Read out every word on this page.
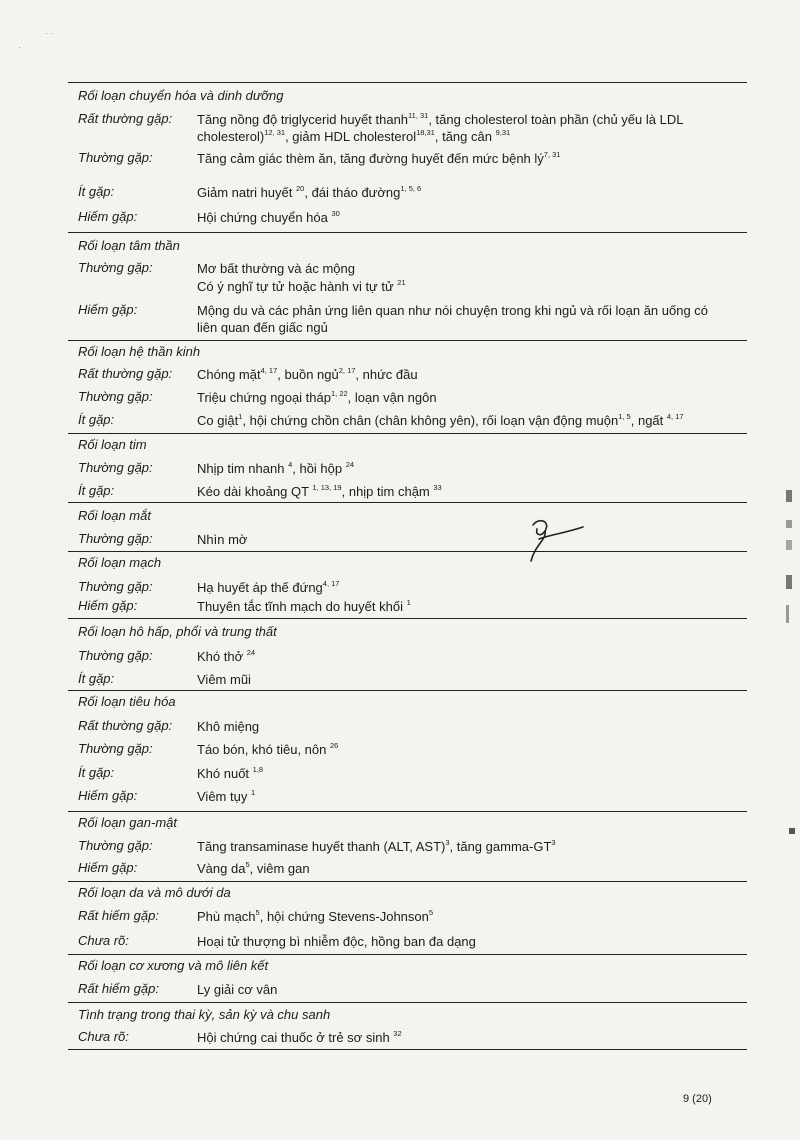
Rối loạn chuyển hóa và dinh dưỡng
Rất thường gặp: Tăng nồng độ triglycerid huyết thanh$^{11, 31}$, tăng cholesterol toàn phần (chủ yếu là LDL
cholesterol)$^{12, 31}$, giảm HDL cholesterol$^{18,31}$, tăng cân $^{9,31}$
Thường gặp:	Tăng cảm giác thèm ăn, tăng đường huyết đến mức bệnh lý$^{7, 31}$
Ít gặp:	Giảm natri huyết $^{20}$, đái tháo đường$^{1, 5, 6}$
Hiếm gặp:	Hội chứng chuyển hóa $^{30}$
Rối loạn tâm thần
Thường gặp:	Mơ bất thường và ác mộng
Có ý nghĩ tự tử hoặc hành vi tự tử $^{21}$
Hiếm gặp:	Mộng du và các phản ứng liên quan như nói chuyện trong khi ngủ và rối loạn ăn uống có
liên quan đến giấc ngủ
Rối loạn hệ thần kinh
Rất thường gặp: Chóng mặt$^{4, 17}$, buồn ngủ$^{2, 17}$, nhức đầu
Thường gặp:	Triệu chứng ngoại tháp$^{1, 22}$, loạn vận ngôn
Ít gặp:	Co giật$^1$, hội chứng chồn chân (chân không yên), rối loạn vận động muộn$^{1, 5}$, ngất $^{4, 17}$
Rối loạn tim
Thường gặp:	Nhịp tim nhanh $^4$, hồi hộp $^{24}$
Ít gặp:	Kéo dài khoảng QT $^{1, 13, 19}$, nhịp tim chậm $^{33}$
Rối loạn mắt
Thường gặp:	Nhìn mờ
Rối loạn mạch
Thường gặp:	Hạ huyết áp thế đứng$^{4, 17}$
Hiếm gặp:	Thuyên tắc tĩnh mạch do huyết khối $^1$
Rối loạn hô hấp, phổi và trung thất
Thường gặp:	Khó thở $^{24}$
Ít gặp:	Viêm mũi
Rối loạn tiêu hóa
Rất thường gặp: Khô miệng
Thường gặp:	Táo bón, khó tiêu, nôn $^{26}$
Ít gặp:	Khó nuốt $^{1,8}$
Hiếm gặp:	Viêm tụy $^1$
Rối loạn gan-mật
Thường gặp:	Tăng transaminase huyết thanh (ALT, AST)$^3$, tăng gamma-$GT^3$
Hiếm gặp:	Vàng $da^5$, viêm gan
Rối loạn da và mô dưới da
Rất hiếm gặp:	Phù mạch$^5$, hội chứng Stevens-Johnson$^5$
Chưa rõ:	Hoại tử thượng bì nhiễm độc, hồng ban đa dạng
Rối loạn cơ xương và mô liên kết
Rất hiếm gặp:	Ly giải cơ vân
Tình trạng trong thai kỳ, sản kỳ và chu sanh
Chưa rõ:	Hội chứng cai thuốc ở trẻ sơ sinh $^{32}$
· ·
·
9 (20)
